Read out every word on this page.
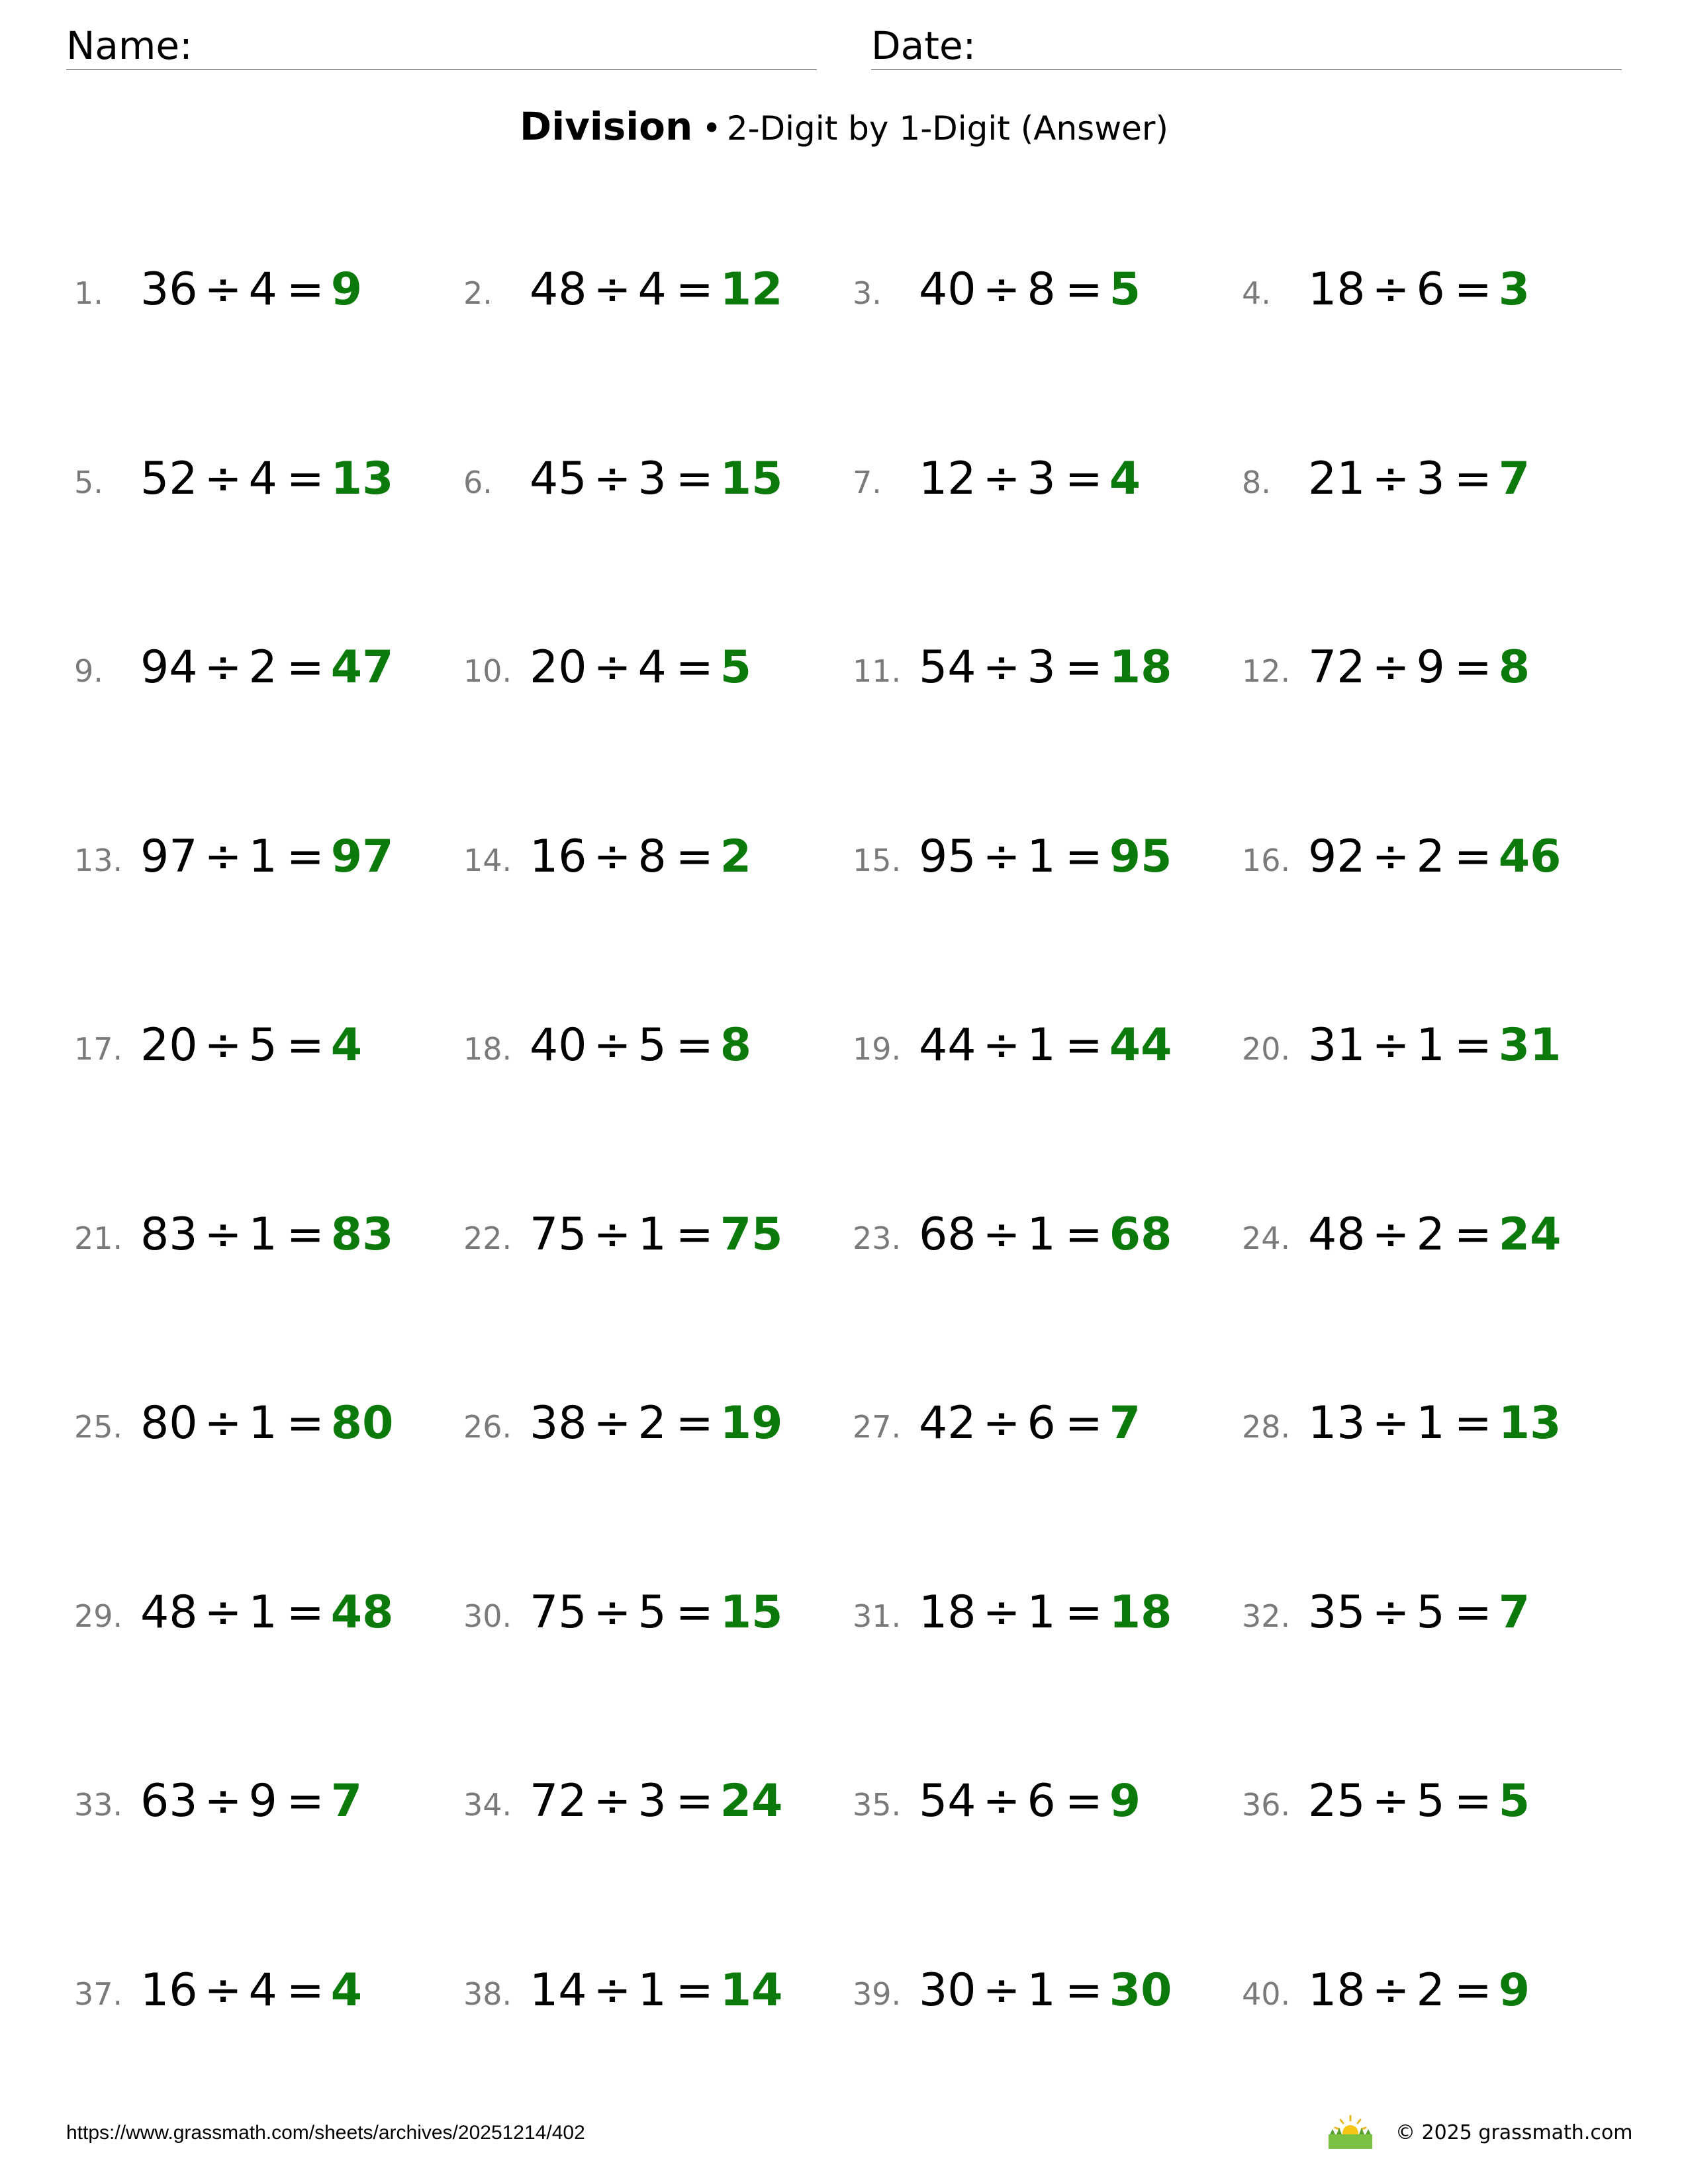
Name:	Date:
Division • 2-Digit by 1-Digit (Answer)
1. 36 ÷ 4 = 9	2. 48 ÷ 4 = 12 3. 40 ÷ 8 = 5	4. 18 ÷ 6 = 3
5. 52 ÷ 4 = 13 6. 45 ÷ 3 = 15 7. 12 ÷ 3 = 4	8. 21 ÷ 3 = 7
9. 94 ÷ 2 = 47 10. 20 ÷ 4 = 5	11. 54 ÷ 3 = 18 12. 72 ÷ 9 = 8
13. 97 ÷ 1 = 97 14. 16 ÷ 8 = 2	15. 95 ÷ 1 = 95 16. 92 ÷ 2 = 46
17. 20 ÷ 5 = 4	18. 40 ÷ 5 = 8	19. 44 ÷ 1 = 44 20. 31 ÷ 1 = 31
21. 83 ÷ 1 = 83 22. 75 ÷ 1 = 75 23. 68 ÷ 1 = 68 24. 48 ÷ 2 = 24
25. 80 ÷ 1 = 80 26. 38 ÷ 2 = 19 27. 42 ÷ 6 = 7	28. 13 ÷ 1 = 13
29. 48 ÷ 1 = 48 30. 75 ÷ 5 = 15 31. 18 ÷ 1 = 18 32. 35 ÷ 5 = 7
33. 63 ÷ 9 = 7	34. 72 ÷ 3 = 24 35. 54 ÷ 6 = 9	36. 25 ÷ 5 = 5
37. 16 ÷ 4 = 4	38. 14 ÷ 1 = 14 39. 30 ÷ 1 = 30 40. 18 ÷ 2 = 9
https://www.grassmath.com/sheets/archives/20251214/402	© 2025 grassmath.com
